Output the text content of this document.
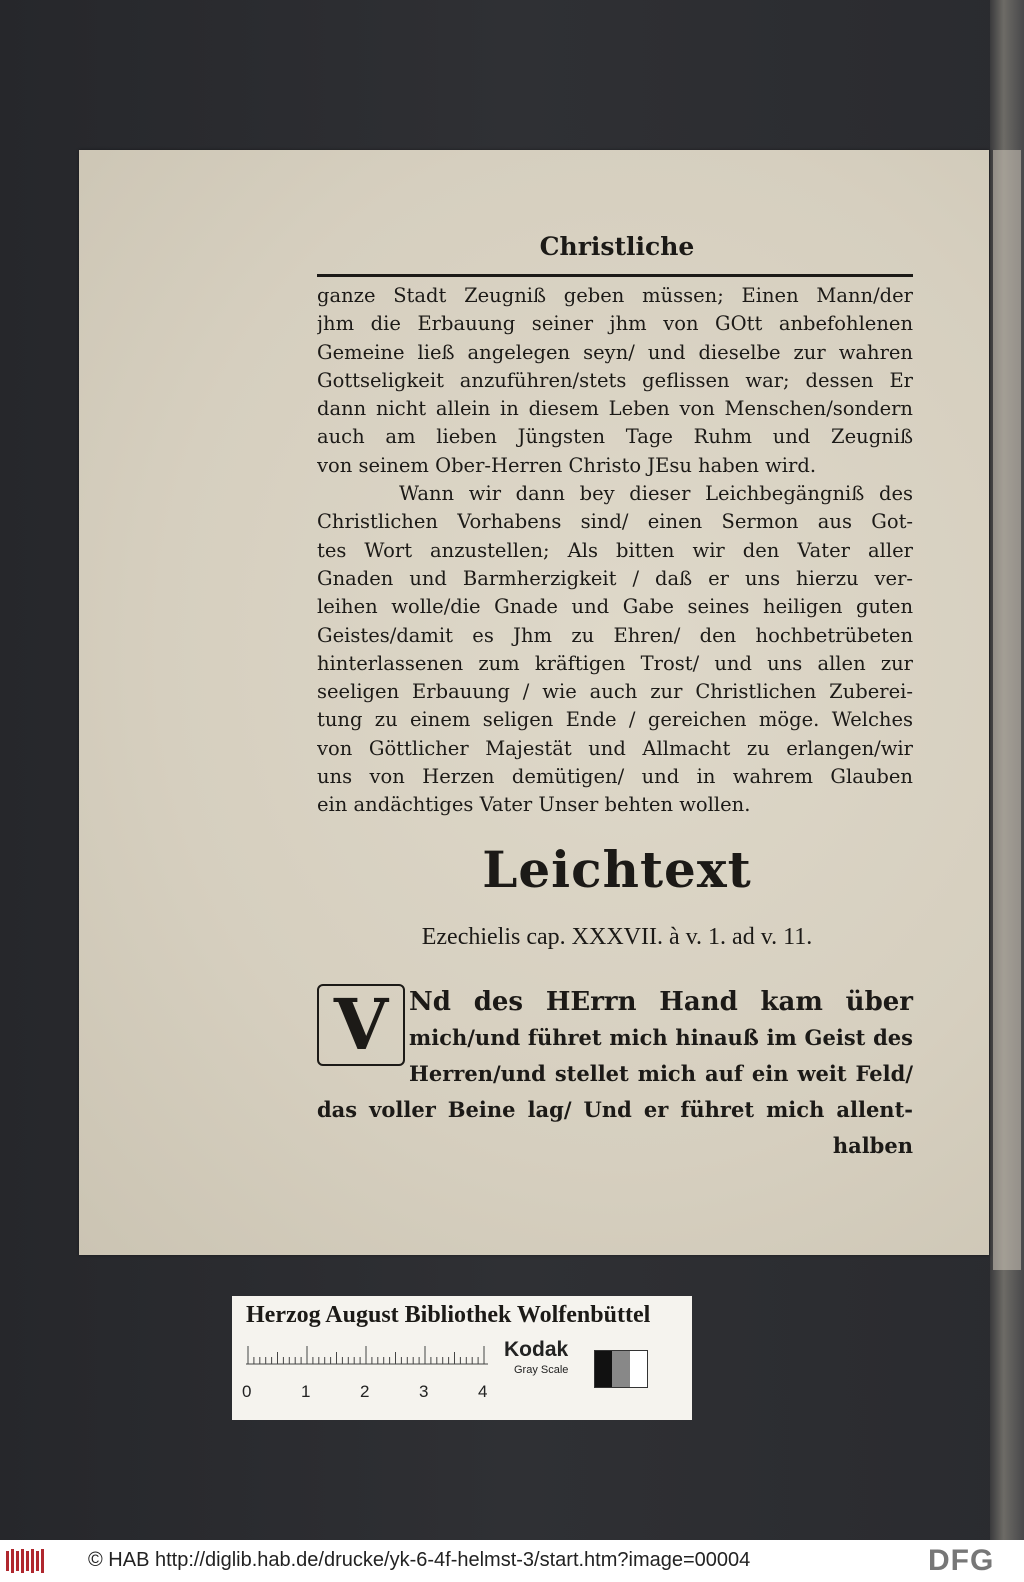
Christliche
ganze Stadt Zeugniß geben müssen; Einen Mann/der
jhm die Erbauung seiner jhm von GOtt anbefohlenen
Gemeine ließ angelegen seyn/ und dieselbe zur wahren
Gottseligkeit anzuführen/stets geflissen war; dessen Er
dann nicht allein in diesem Leben von Menschen/sondern
auch am lieben Jüngsten Tage Ruhm und Zeugniß
von seinem Ober-Herren Christo JEsu haben wird.
Wann wir dann bey dieser Leichbegängniß des
Christlichen Vorhabens sind/ einen Sermon aus Got-
tes Wort anzustellen; Als bitten wir den Vater aller
Gnaden und Barmherzigkeit / daß er uns hierzu ver-
leihen wolle/die Gnade und Gabe seines heiligen guten
Geistes/damit es Jhm zu Ehren/ den hochbetrübeten
hinterlassenen zum kräftigen Trost/ und uns allen zur
seeligen Erbauung / wie auch zur Christlichen Zuberei-
tung zu einem seligen Ende / gereichen möge. Welches
von Göttlicher Majestät und Allmacht zu erlangen/wir
uns von Herzen demütigen/ und in wahrem Glauben
ein andächtiges Vater Unser behten wollen.
Leichtext
Ezechielis cap. XXXVII. à v. 1. ad v. 11.
V Nd des HErrn Hand kam über
mich/und führet mich hinauß im Geist des
Herren/und stellet mich auf ein weit Feld/
das voller Beine lag/ Und er führet mich allent-
halben
Herzog August Bibliothek Wolfenbüttel
0	1	2	3	4
Kodak
Gray Scale
© HAB http://diglib.hab.de/drucke/yk-6-4f-helmst-3/start.htm?image=00004	DFG
